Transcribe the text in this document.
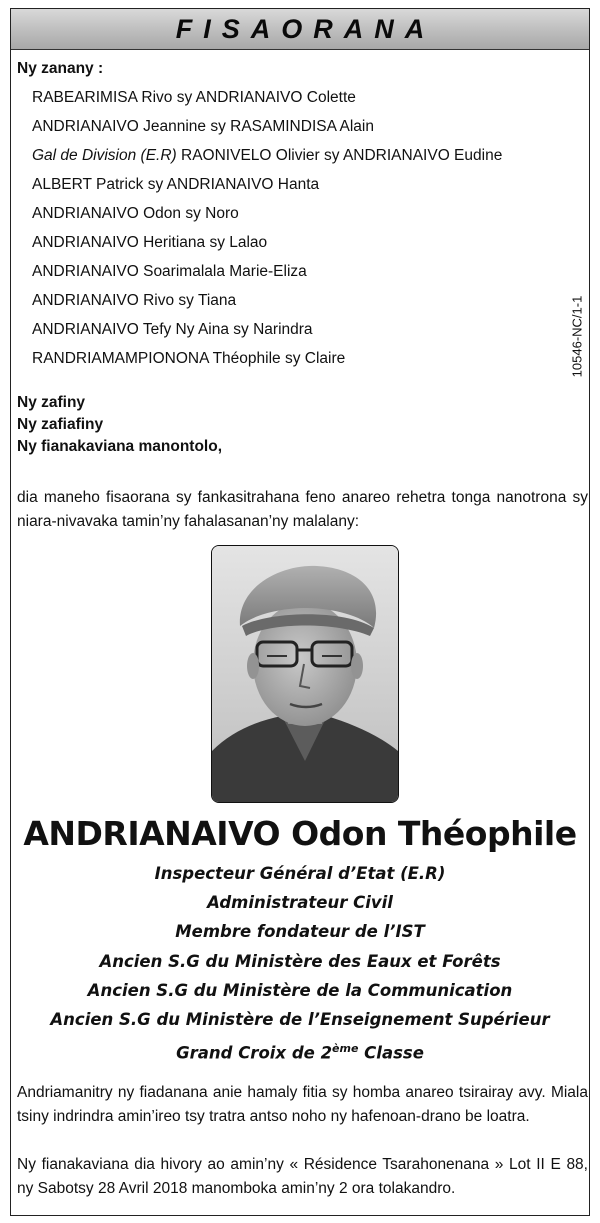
FISAORANA
Ny zanany :
RABEARIMISA Rivo sy ANDRIANAIVO Colette
ANDRIANAIVO Jeannine sy RASAMINDISA Alain
Gal de Division (E.R) RAONIVELO Olivier sy ANDRIANAIVO Eudine
ALBERT Patrick sy ANDRIANAIVO Hanta
ANDRIANAIVO Odon sy Noro
ANDRIANAIVO Heritiana sy Lalao
ANDRIANAIVO Soarimalala Marie-Eliza
ANDRIANAIVO Rivo sy Tiana
ANDRIANAIVO Tefy Ny Aina sy Narindra
RANDRIAMAMPIONONA Théophile sy Claire	10546-NC/1-1
Ny zafiny
Ny zafiafiny
Ny fianakaviana manontolo,
dia maneho fisaorana sy fankasitrahana feno anareo rehetra tonga nanotrona sy niara-nivavaka tamin’ny fahalasanan’ny malalany:
ANDRIANAIVO Odon Théophile
Inspecteur Général d’Etat (E.R)
Administrateur Civil
Membre fondateur de l’IST
Ancien S.G du Ministère des Eaux et Forêts
Ancien S.G du Ministère de la Communication
Ancien S.G du Ministère de l’Enseignement Supérieur
Grand Croix de 2ème Classe
Andriamanitry ny fiadanana anie hamaly fitia sy homba anareo tsirairay avy. Miala tsiny indrindra amin’ireo tsy tratra antso noho ny hafenoan-drano be loatra.
Ny fianakaviana dia hivory ao amin’ny « Résidence Tsarahonenana » Lot II E 88, ny Sabotsy 28 Avril 2018 manomboka amin’ny 2 ora tolakandro.
